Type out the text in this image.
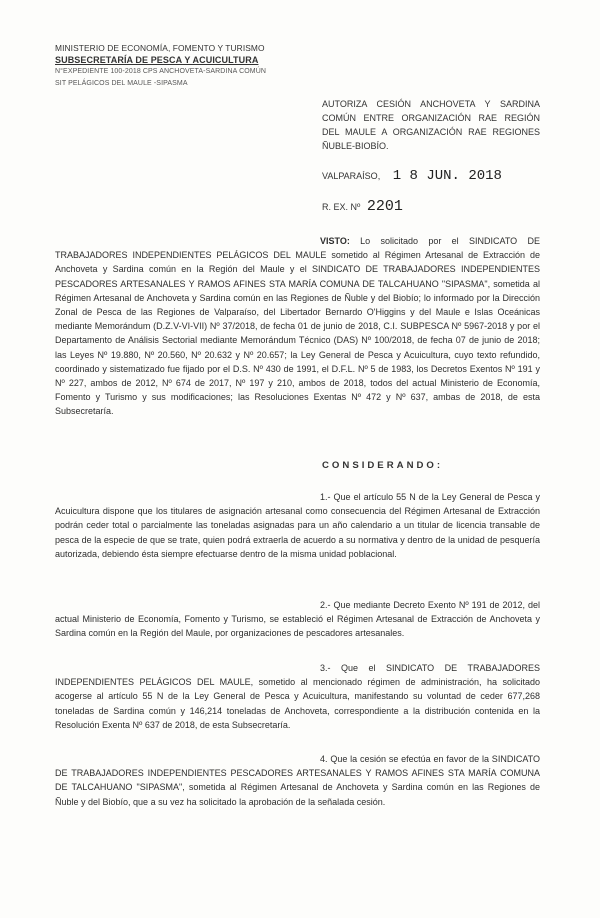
MINISTERIO DE ECONOMÍA, FOMENTO Y TURISMO
SUBSECRETARÍA DE PESCA Y ACUICULTURA
N°EXPEDIENTE 100-2018 CPS ANCHOVETA-SARDINA COMÚN
SIT PELÁGICOS DEL MAULE -SIPASMA
AUTORIZA CESIÓN ANCHOVETA Y SARDINA COMÚN ENTRE ORGANIZACIÓN RAE REGIÓN DEL MAULE A ORGANIZACIÓN RAE REGIONES ÑUBLE-BIOBÍO.
VALPARAÍSO, 1 8 JUN. 2018
R. EX. Nº 2201
VISTO: Lo solicitado por el SINDICATO DE TRABAJADORES INDEPENDIENTES PELÁGICOS DEL MAULE sometido al Régimen Artesanal de Extracción de Anchoveta y Sardina común en la Región del Maule y el SINDICATO DE TRABAJADORES INDEPENDIENTES PESCADORES ARTESANALES Y RAMOS AFINES STA MARÍA COMUNA DE TALCAHUANO "SIPASMA", sometida al Régimen Artesanal de Anchoveta y Sardina común en las Regiones de Ñuble y del Biobío; lo informado por la Dirección Zonal de Pesca de las Regiones de Valparaíso, del Libertador Bernardo O'Higgins y del Maule e Islas Oceánicas mediante Memorándum (D.Z.V-VI-VII) Nº 37/2018, de fecha 01 de junio de 2018, C.I. SUBPESCA Nº 5967-2018 y por el Departamento de Análisis Sectorial mediante Memorándum Técnico (DAS) Nº 100/2018, de fecha 07 de junio de 2018; las Leyes Nº 19.880, Nº 20.560, Nº 20.632 y Nº 20.657; la Ley General de Pesca y Acuicultura, cuyo texto refundido, coordinado y sistematizado fue fijado por el D.S. Nº 430 de 1991, el D.F.L. Nº 5 de 1983, los Decretos Exentos Nº 191 y Nº 227, ambos de 2012, Nº 674 de 2017, Nº 197 y 210, ambos de 2018, todos del actual Ministerio de Economía, Fomento y Turismo y sus modificaciones; las Resoluciones Exentas Nº 472 y Nº 637, ambas de 2018, de esta Subsecretaría.
CONSIDERANDO:
1.- Que el artículo 55 N de la Ley General de Pesca y Acuicultura dispone que los titulares de asignación artesanal como consecuencia del Régimen Artesanal de Extracción podrán ceder total o parcialmente las toneladas asignadas para un año calendario a un titular de licencia transable de pesca de la especie de que se trate, quien podrá extraerla de acuerdo a su normativa y dentro de la unidad de pesquería autorizada, debiendo ésta siempre efectuarse dentro de la misma unidad poblacional.
2.- Que mediante Decreto Exento Nº 191 de 2012, del actual Ministerio de Economía, Fomento y Turismo, se estableció el Régimen Artesanal de Extracción de Anchoveta y Sardina común en la Región del Maule, por organizaciones de pescadores artesanales.
3.- Que el SINDICATO DE TRABAJADORES INDEPENDIENTES PELÁGICOS DEL MAULE, sometido al mencionado régimen de administración, ha solicitado acogerse al artículo 55 N de la Ley General de Pesca y Acuicultura, manifestando su voluntad de ceder 677,268 toneladas de Sardina común y 146,214 toneladas de Anchoveta, correspondiente a la distribución contenida en la Resolución Exenta Nº 637 de 2018, de esta Subsecretaría.
4. Que la cesión se efectúa en favor de la SINDICATO DE TRABAJADORES INDEPENDIENTES PESCADORES ARTESANALES Y RAMOS AFINES STA MARÍA COMUNA DE TALCAHUANO "SIPASMA", sometida al Régimen Artesanal de Anchoveta y Sardina común en las Regiones de Ñuble y del Biobío, que a su vez ha solicitado la aprobación de la señalada cesión.
